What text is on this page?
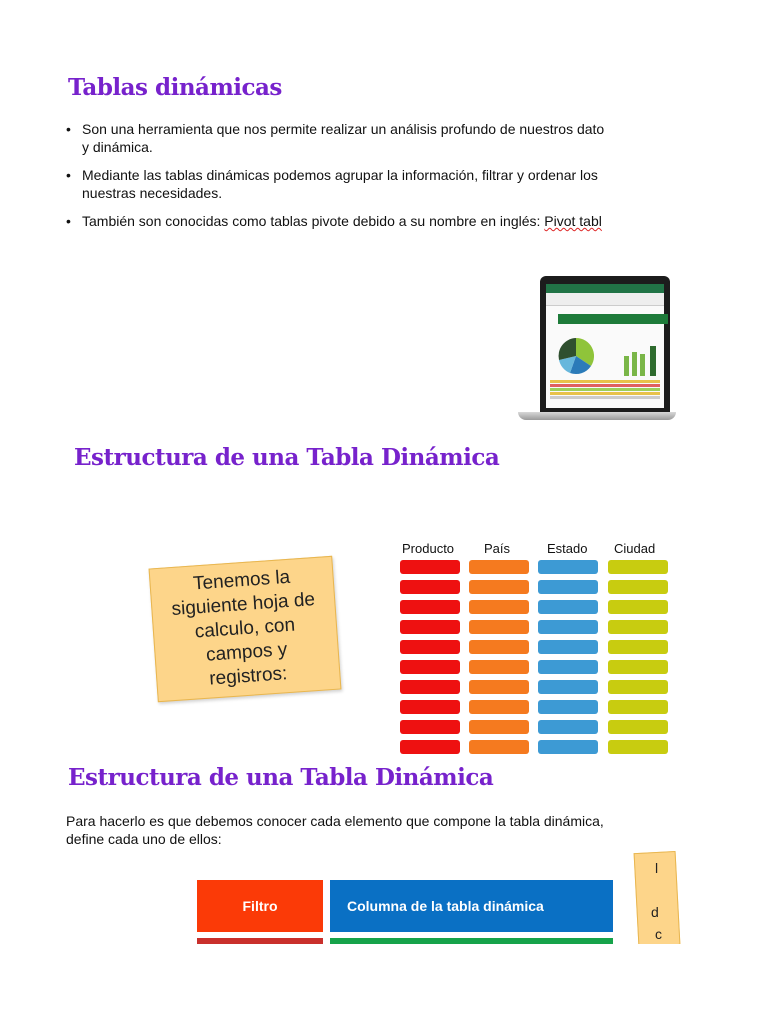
Tablas dinámicas
• Son una herramienta que nos permite realizar un análisis profundo de nuestros dato
y dinámica.
• Mediante las tablas dinámicas podemos agrupar la información, filtrar y ordenar los
nuestras necesidades.
• También son conocidas como tablas pivote debido a su nombre en inglés: Pivot tabl
Estructura de una Tabla Dinámica
Tenemos la siguiente hoja de calculo, con campos y registros:
Producto País	Estado Ciudad
Estructura de una Tabla Dinámica
Para hacerlo es que debemos conocer cada elemento que compone la tabla dinámica,
define cada uno de ellos:
Filtro	Columna de la tabla dinámica
l
d
c
